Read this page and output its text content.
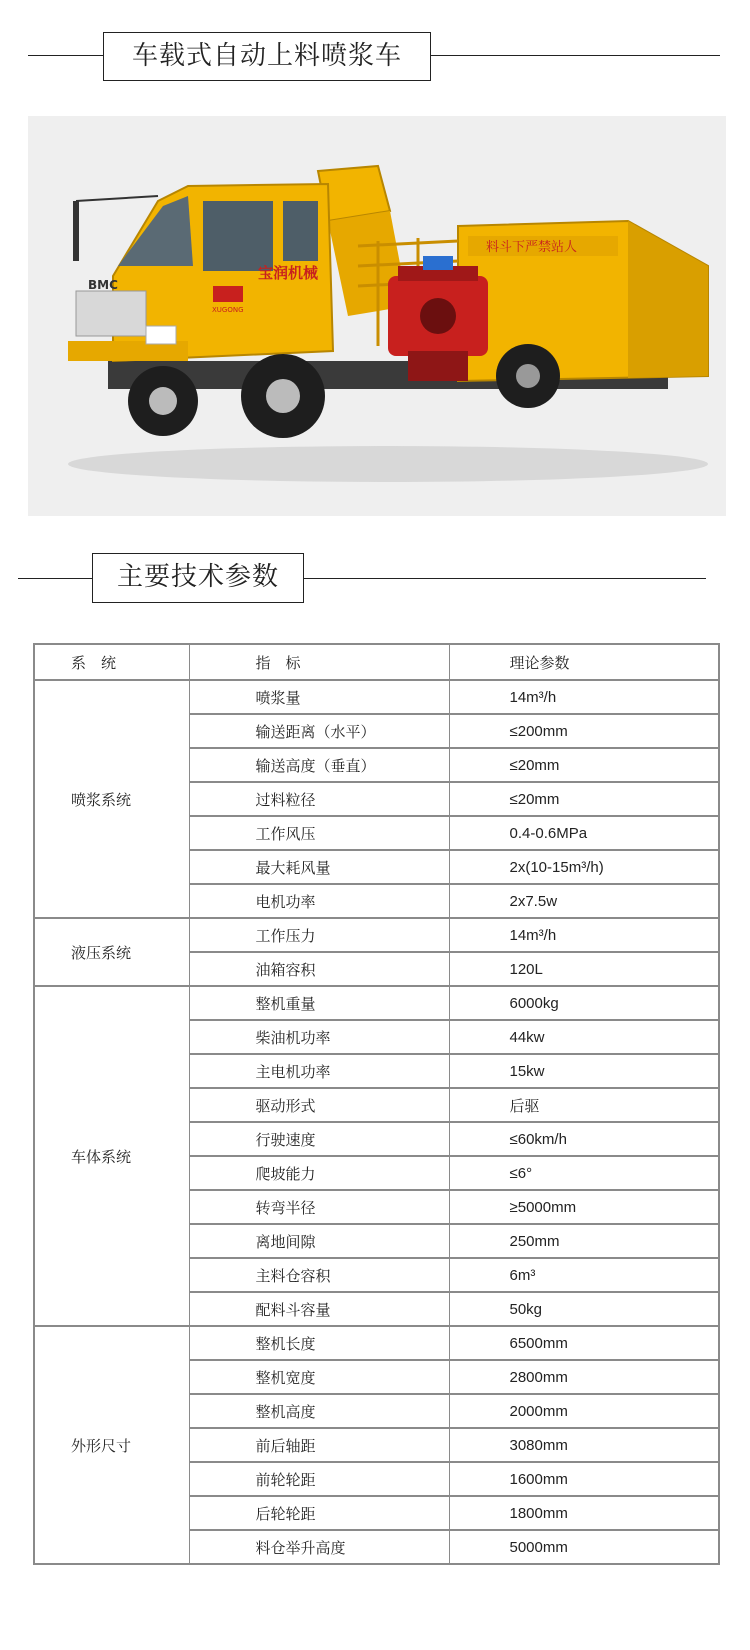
车载式自动上料喷浆车
料斗下严禁站人
BMC
宝润机械
XUGONG
主要技术参数
系　统	指　标	理论参数
喷浆系统	喷浆量	14m³/h
	输送距离（水平）	≤200mm
	输送高度（垂直）	≤20mm
	过料粒径	≤20mm
	工作风压	0.4-0.6MPa
	最大耗风量	2x(10-15m³/h)
	电机功率	2x7.5w
液压系统	工作压力	14m³/h
	油箱容积	120L
车体系统	整机重量	6000kg
	柴油机功率	44kw
	主电机功率	15kw
	驱动形式	后驱
	行驶速度	≤60km/h
	爬坡能力	≤6°
	转弯半径	≥5000mm
	离地间隙	250mm
	主料仓容积	6m³
	配料斗容量	50kg
外形尺寸	整机长度	6500mm
	整机宽度	2800mm
	整机高度	2000mm
	前后轴距	3080mm
	前轮轮距	1600mm
	后轮轮距	1800mm
	料仓举升高度	5000mm
